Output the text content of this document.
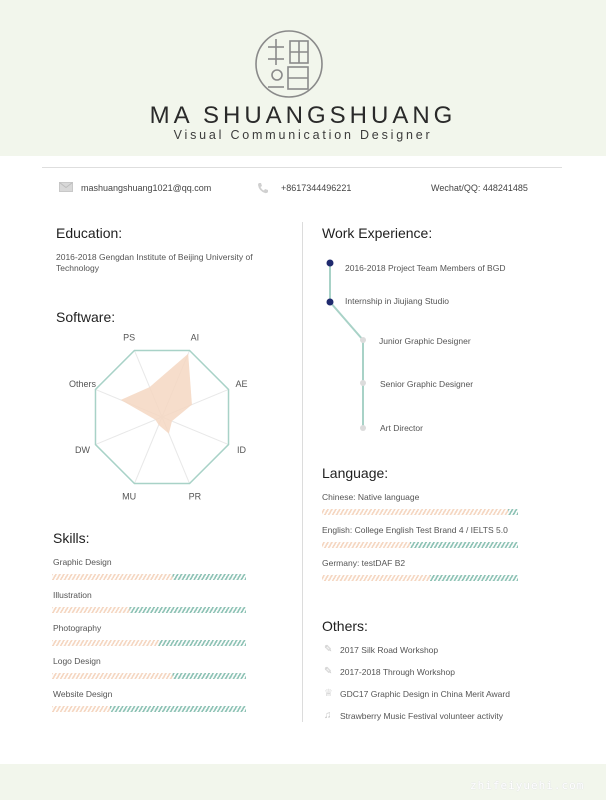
MA SHUANGSHUANG
Visual Communication Designer
mashuangshuang1021@qq.com	+8617344496221	Wechat/QQ: 448241485
Education:
2016-2018 Gengdan Institute of Beijing University of
Technology
Software:
PS	AI
AE
ID
PR
MU
DW
Others
Skills:
Graphic Design
Illustration
Photography
Logo Design
Website Design
Work Experience:
2016-2018 Project Team Members of BGD
Internship in Jiujiang Studio
Junior Graphic Designer
Senior Graphic Designer
Art Director
Language:
Chinese: Native language
English: College English Test Brand 4 / IELTS 5.0
Germany: testDAF B2
Others:
✎ 2017 Silk Road Workshop
✎ 2017-2018 Through Workshop
♕ GDC17 Graphic Design in China Merit Award
♫ Strawberry Music Festival volunteer activity
zhifeiyuehi.com
